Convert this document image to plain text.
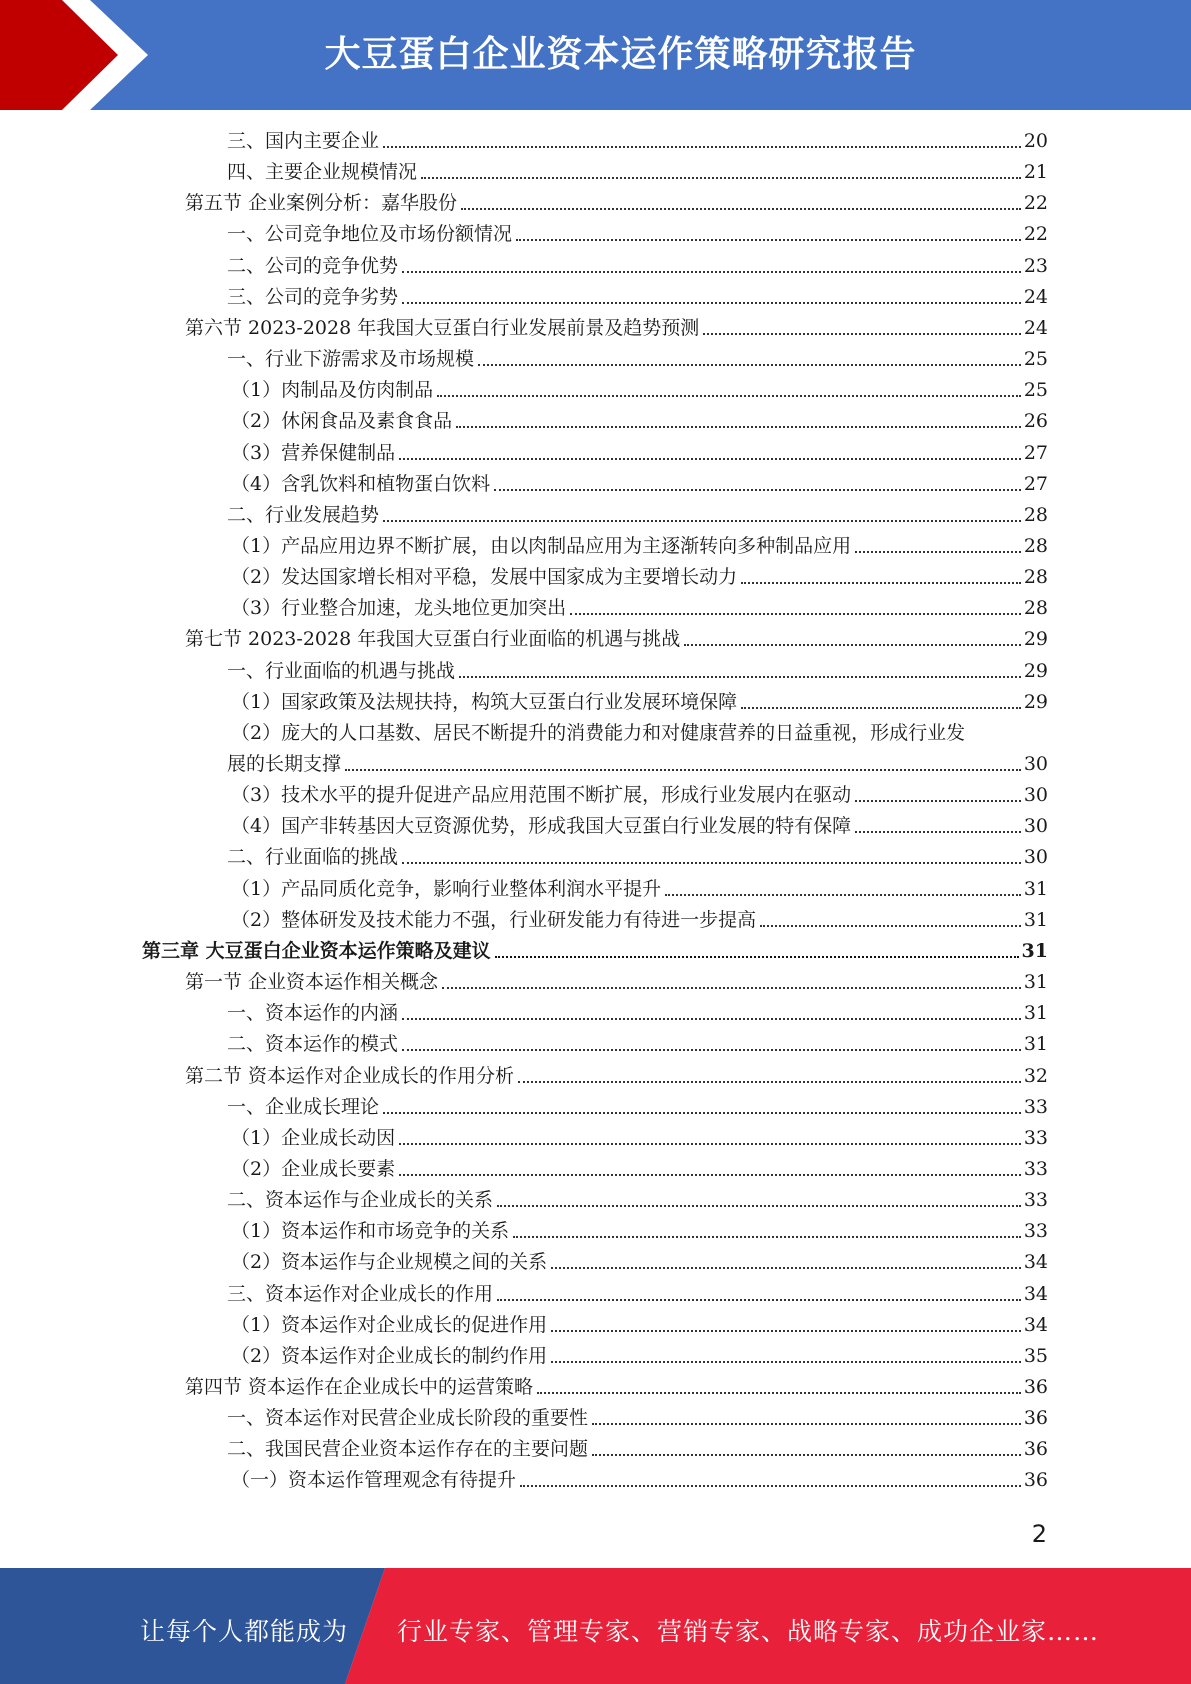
大豆蛋白企业资本运作策略研究报告
三、国内主要企业	20
四、主要企业规模情况	21
第五节 企业案例分析：嘉华股份	22
一、公司竞争地位及市场份额情况	22
二、公司的竞争优势	23
三、公司的竞争劣势	24
第六节 2023-2028 年我国大豆蛋白行业发展前景及趋势预测	24
一、行业下游需求及市场规模	25
（1）肉制品及仿肉制品	25
（2）休闲食品及素食食品	26
（3）营养保健制品	27
（4）含乳饮料和植物蛋白饮料	27
二、行业发展趋势	28
（1）产品应用边界不断扩展，由以肉制品应用为主逐渐转向多种制品应用	28
（2）发达国家增长相对平稳，发展中国家成为主要增长动力	28
（3）行业整合加速，龙头地位更加突出	28
第七节 2023-2028 年我国大豆蛋白行业面临的机遇与挑战	29
一、行业面临的机遇与挑战	29
（1）国家政策及法规扶持，构筑大豆蛋白行业发展环境保障	29
（2）庞大的人口基数、居民不断提升的消费能力和对健康营养的日益重视，形成行业发
展的长期支撑	30
（3）技术水平的提升促进产品应用范围不断扩展，形成行业发展内在驱动	30
（4）国产非转基因大豆资源优势，形成我国大豆蛋白行业发展的特有保障	30
二、行业面临的挑战	30
（1）产品同质化竞争，影响行业整体利润水平提升	31
（2）整体研发及技术能力不强，行业研发能力有待进一步提高	31
第三章 大豆蛋白企业资本运作策略及建议	31
第一节 企业资本运作相关概念	31
一、资本运作的内涵	31
二、资本运作的模式	31
第二节 资本运作对企业成长的作用分析	32
一、企业成长理论	33
（1）企业成长动因	33
（2）企业成长要素	33
二、资本运作与企业成长的关系	33
（1）资本运作和市场竞争的关系	33
（2）资本运作与企业规模之间的关系	34
三、资本运作对企业成长的作用	34
（1）资本运作对企业成长的促进作用	34
（2）资本运作对企业成长的制约作用	35
第四节 资本运作在企业成长中的运营策略	36
一、资本运作对民营企业成长阶段的重要性	36
二、我国民营企业资本运作存在的主要问题	36
（一）资本运作管理观念有待提升	36
2
让每个人都能成为 行业专家、管理专家、营销专家、战略专家、成功企业家……
